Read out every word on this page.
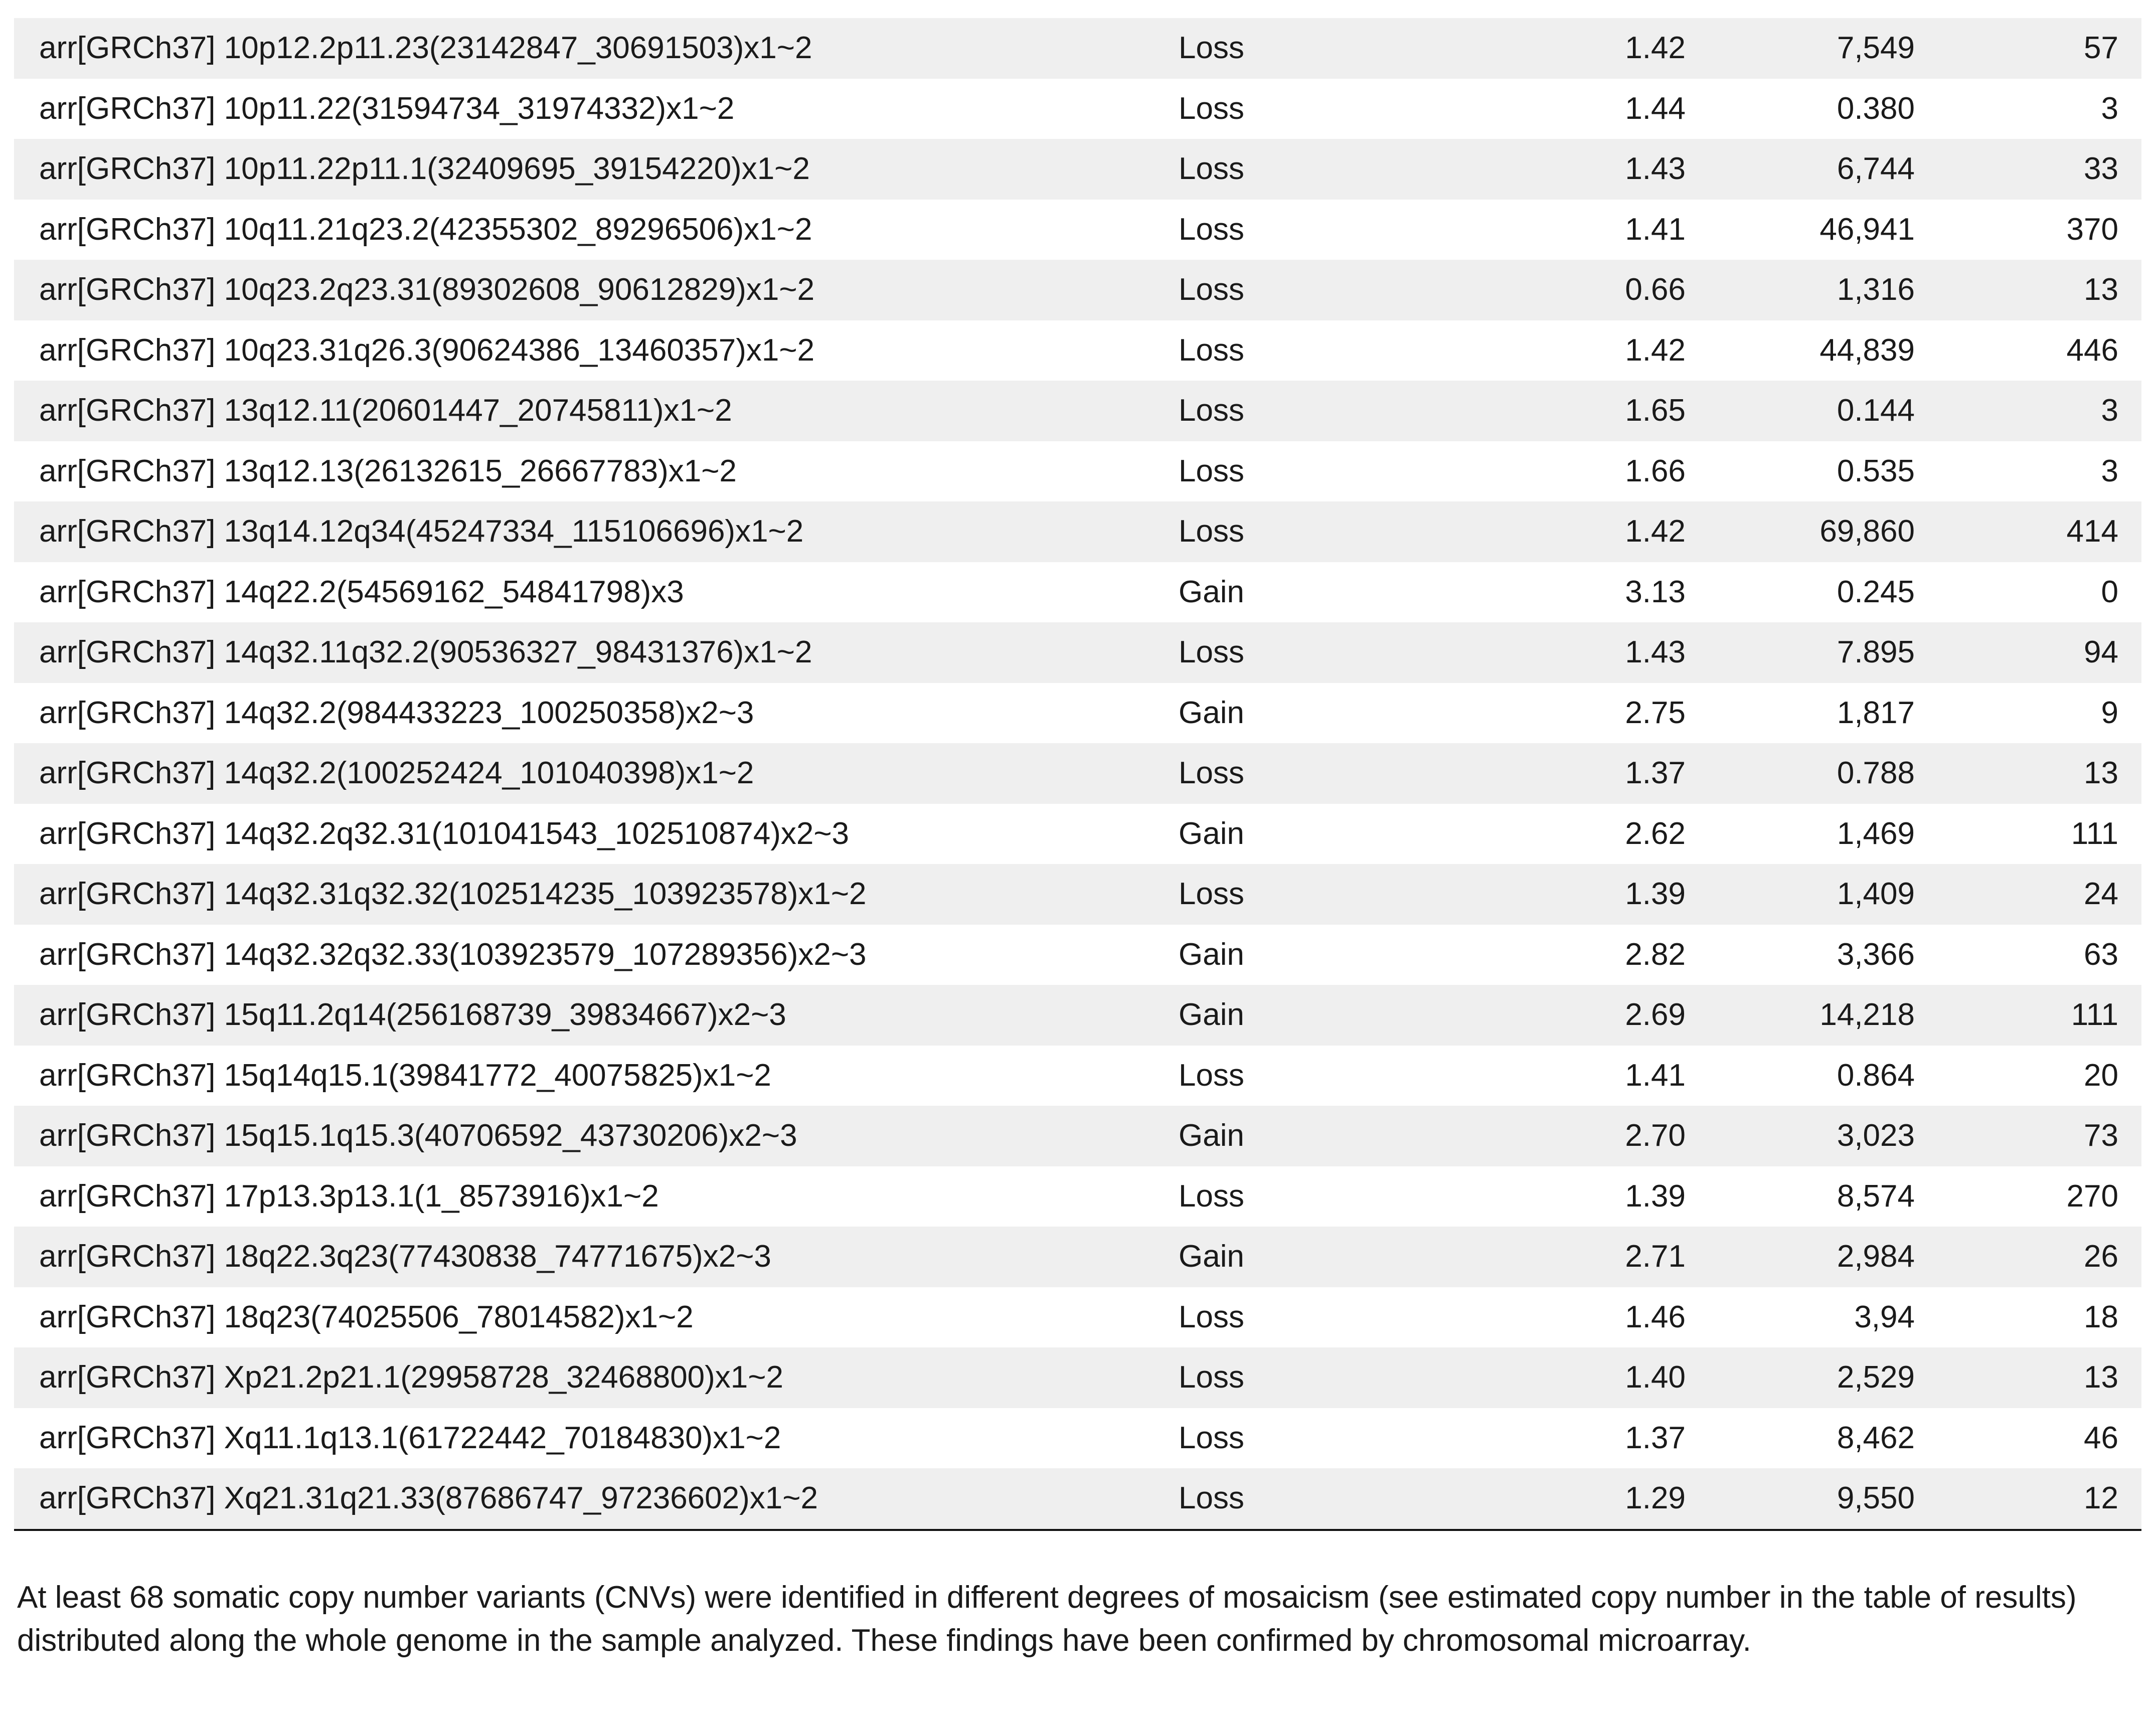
arr[GRCh37] 10p12.2p11.23(23142847_30691503)x1~2	Loss	1.42	7,549	57
arr[GRCh37] 10p11.22(31594734_31974332)x1~2	Loss	1.44	0.380	3
arr[GRCh37] 10p11.22p11.1(32409695_39154220)x1~2	Loss	1.43	6,744	33
arr[GRCh37] 10q11.21q23.2(42355302_89296506)x1~2	Loss	1.41	46,941	370
arr[GRCh37] 10q23.2q23.31(89302608_90612829)x1~2	Loss	0.66	1,316	13
arr[GRCh37] 10q23.31q26.3(90624386_13460357)x1~2	Loss	1.42	44,839	446
arr[GRCh37] 13q12.11(20601447_20745811)x1~2	Loss	1.65	0.144	3
arr[GRCh37] 13q12.13(26132615_26667783)x1~2	Loss	1.66	0.535	3
arr[GRCh37] 13q14.12q34(45247334_115106696)x1~2	Loss	1.42	69,860	414
arr[GRCh37] 14q22.2(54569162_54841798)x3	Gain	3.13	0.245	0
arr[GRCh37] 14q32.11q32.2(90536327_98431376)x1~2	Loss	1.43	7.895	94
arr[GRCh37] 14q32.2(984433223_100250358)x2~3	Gain	2.75	1,817	9
arr[GRCh37] 14q32.2(100252424_101040398)x1~2	Loss	1.37	0.788	13
arr[GRCh37] 14q32.2q32.31(101041543_102510874)x2~3	Gain	2.62	1,469	111
arr[GRCh37] 14q32.31q32.32(102514235_103923578)x1~2	Loss	1.39	1,409	24
arr[GRCh37] 14q32.32q32.33(103923579_107289356)x2~3	Gain	2.82	3,366	63
arr[GRCh37] 15q11.2q14(256168739_39834667)x2~3	Gain	2.69	14,218	111
arr[GRCh37] 15q14q15.1(39841772_40075825)x1~2	Loss	1.41	0.864	20
arr[GRCh37] 15q15.1q15.3(40706592_43730206)x2~3	Gain	2.70	3,023	73
arr[GRCh37] 17p13.3p13.1(1_8573916)x1~2	Loss	1.39	8,574	270
arr[GRCh37] 18q22.3q23(77430838_74771675)x2~3	Gain	2.71	2,984	26
arr[GRCh37] 18q23(74025506_78014582)x1~2	Loss	1.46	3,94	18
arr[GRCh37] Xp21.2p21.1(29958728_32468800)x1~2	Loss	1.40	2,529	13
arr[GRCh37] Xq11.1q13.1(61722442_70184830)x1~2	Loss	1.37	8,462	46
arr[GRCh37] Xq21.31q21.33(87686747_97236602)x1~2	Loss	1.29	9,550	12

At least 68 somatic copy number variants (CNVs) were identified in different degrees of mosaicism (see estimated copy number in the table of results) distributed along the whole genome in the sample analyzed. These findings have been confirmed by chromosomal microarray.
